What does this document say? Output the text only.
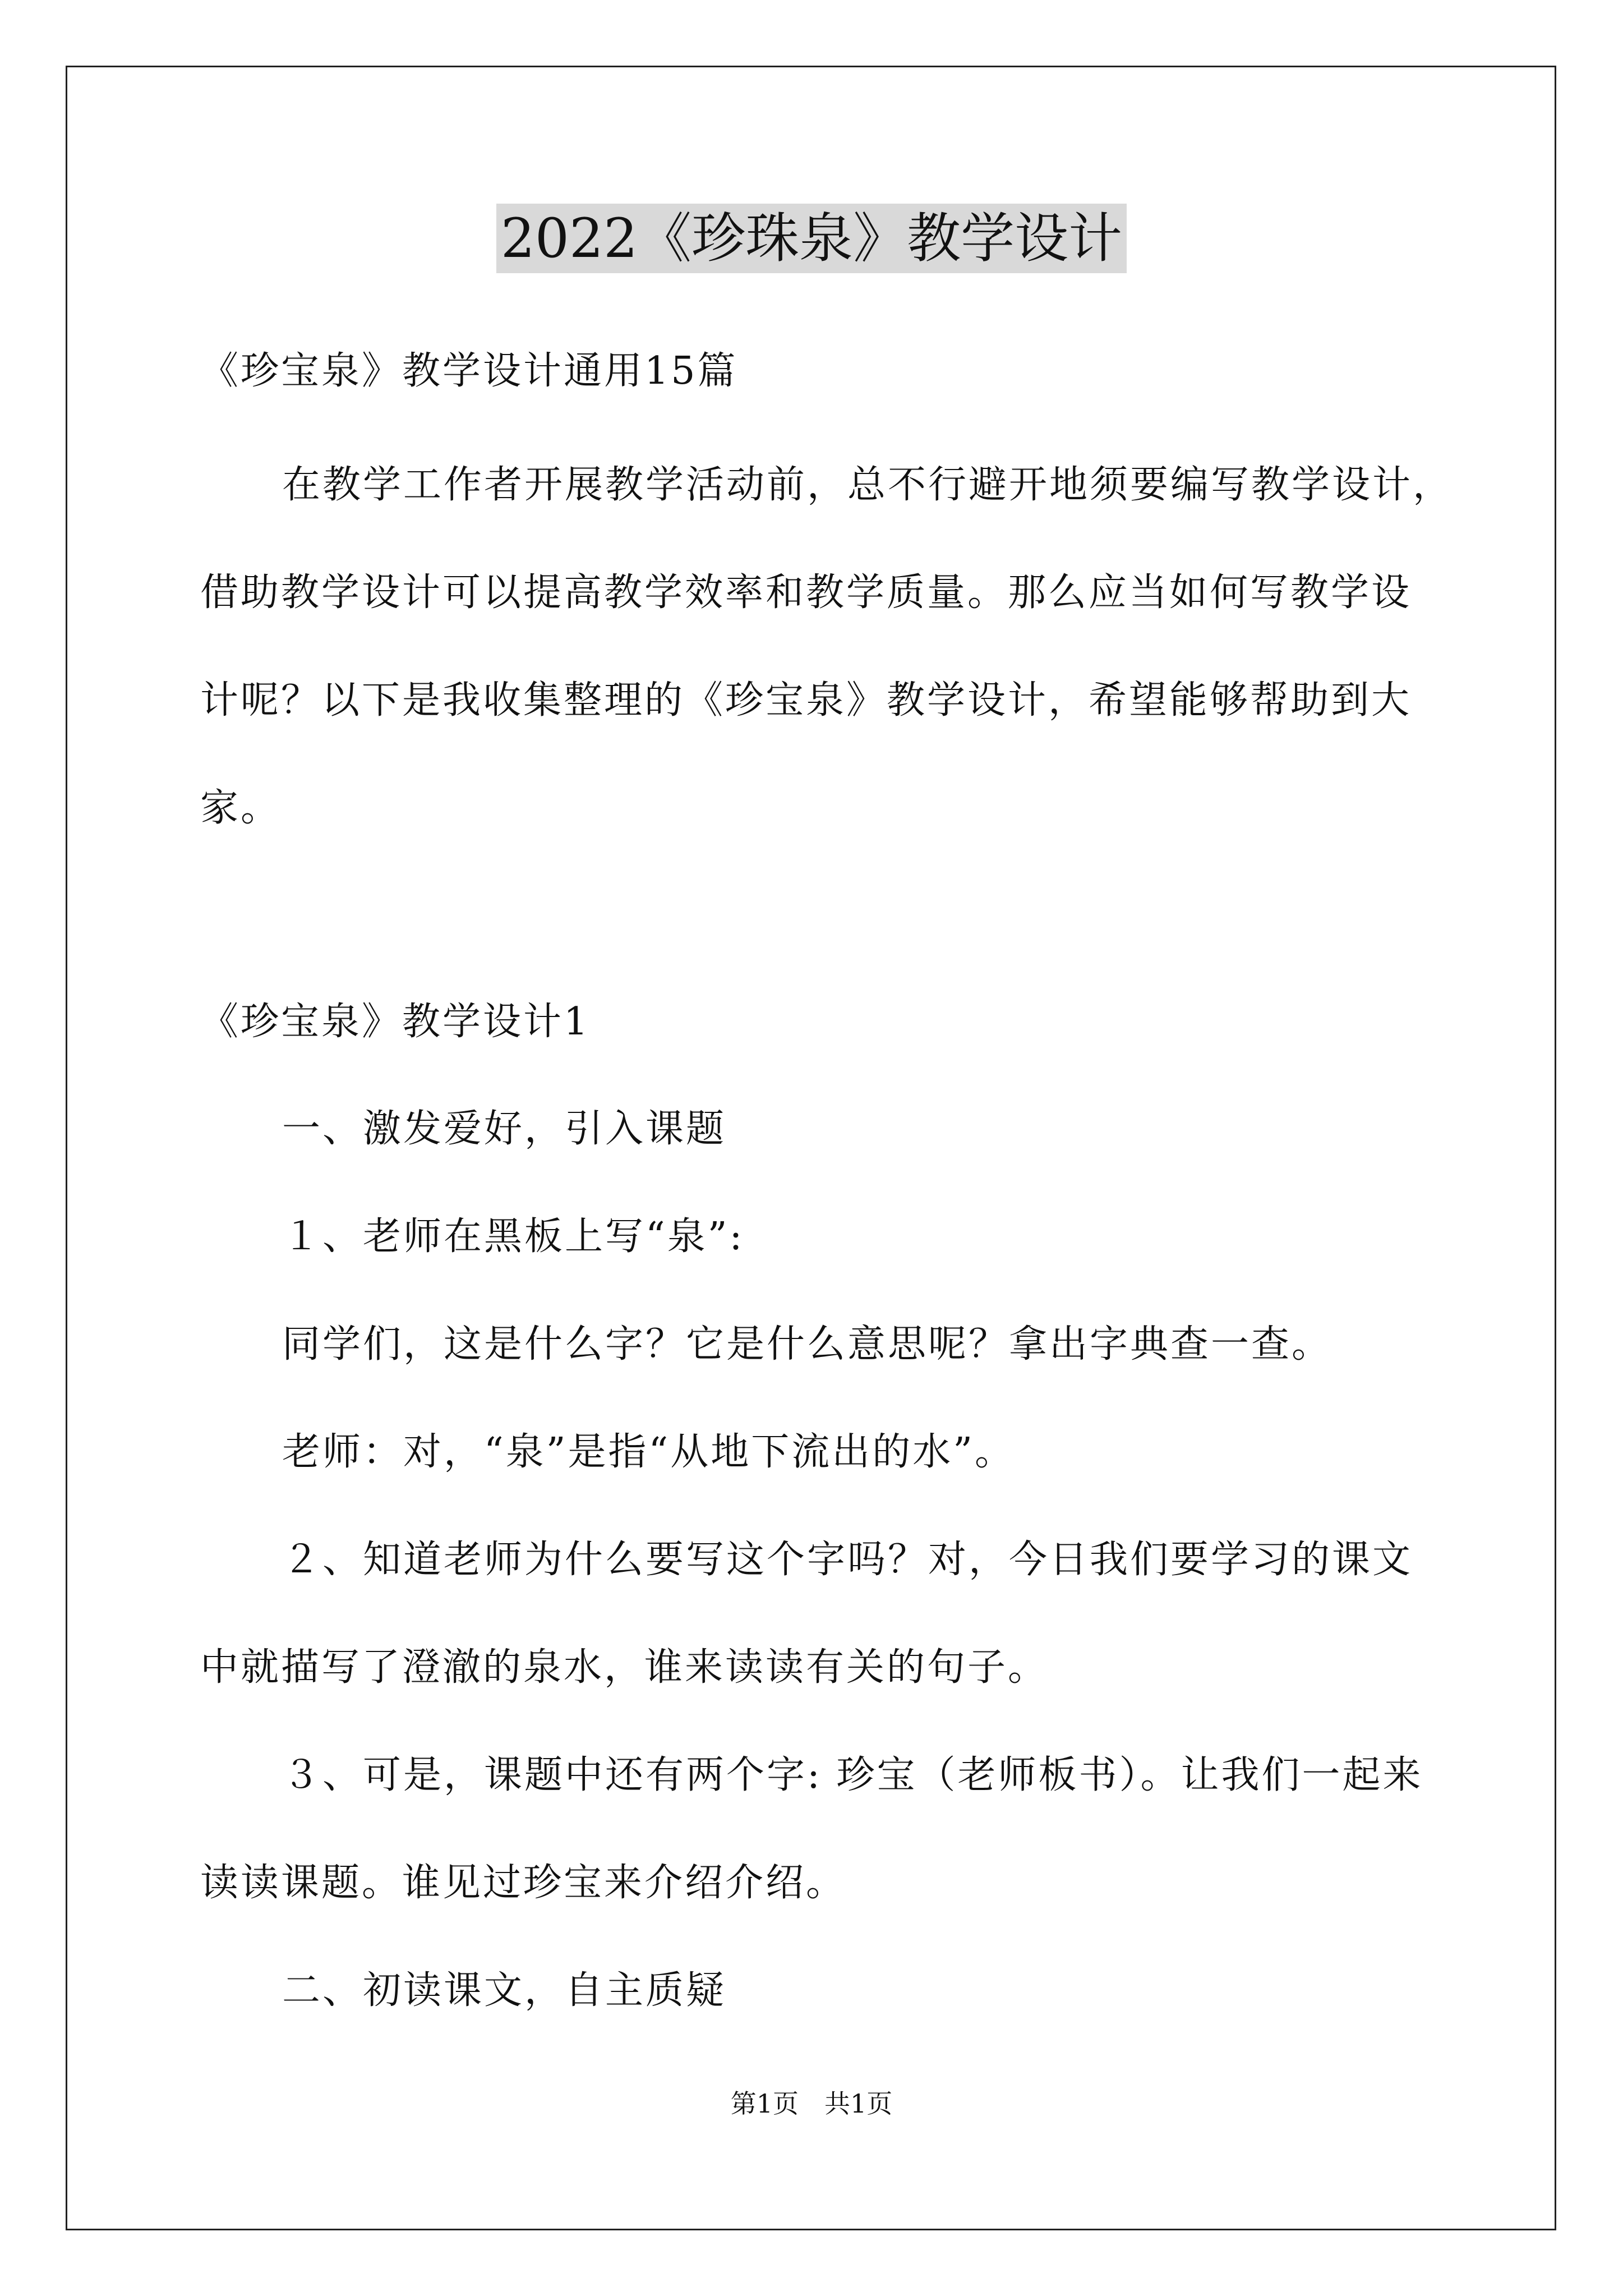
2022《珍珠泉》教学设计
《珍宝泉》教学设计通用15篇
在教学工作者开展教学活动前，总不行避开地须要编写教学设计，
借助教学设计可以提高教学效率和教学质量。那么应当如何写教学设
计呢？以下是我收集整理的《珍宝泉》教学设计，希望能够帮助到大
家。
《珍宝泉》教学设计1
一、激发爱好，引入课题
１、老师在黑板上写“泉”:
同学们，这是什么字？它是什么意思呢？拿出字典查一查。
老师：对，“泉”是指“从地下流出的水”。
２、知道老师为什么要写这个字吗？对，今日我们要学习的课文
中就描写了澄澈的泉水，谁来读读有关的句子。
３、可是，课题中还有两个字: 珍宝（老师板书）。让我们一起来
读读课题。谁见过珍宝来介绍介绍。
二、初读课文，自主质疑
第1页　共1页
